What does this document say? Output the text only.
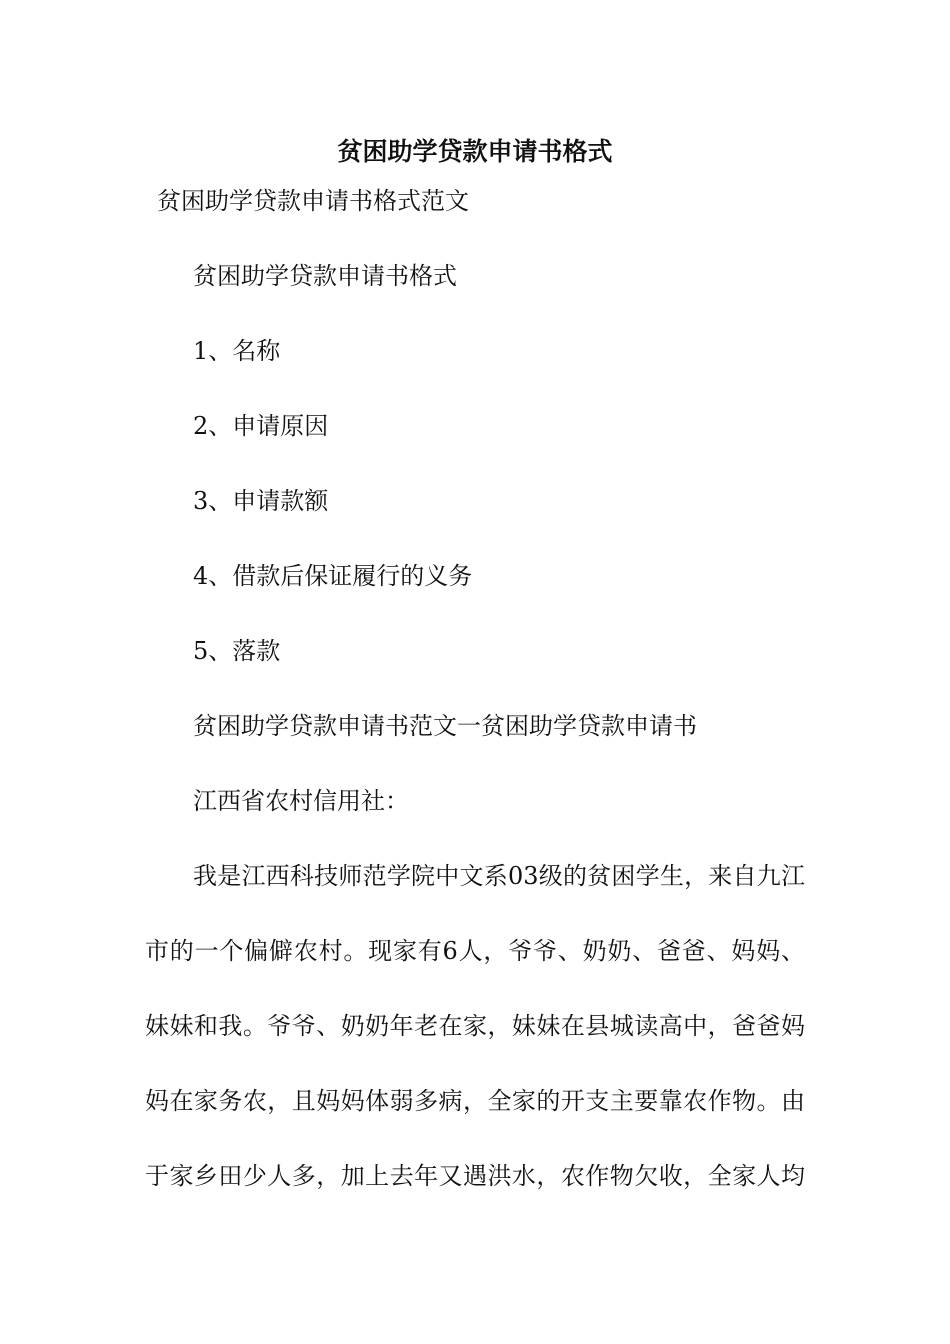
贫困助学贷款申请书格式

贫困助学贷款申请书格式范文

贫困助学贷款申请书格式

1、名称

2、申请原因

3、申请款额

4、借款后保证履行的义务

5、落款

贫困助学贷款申请书范文一贫困助学贷款申请书

江西省农村信用社：

我是江西科技师范学院中文系03级的贫困学生，来自九江

市的一个偏僻农村。现家有6人，爷爷、奶奶、爸爸、妈妈、

妹妹和我。爷爷、奶奶年老在家，妹妹在县城读高中，爸爸妈

妈在家务农，且妈妈体弱多病，全家的开支主要靠农作物。由

于家乡田少人多，加上去年又遇洪水，农作物欠收，全家人均
